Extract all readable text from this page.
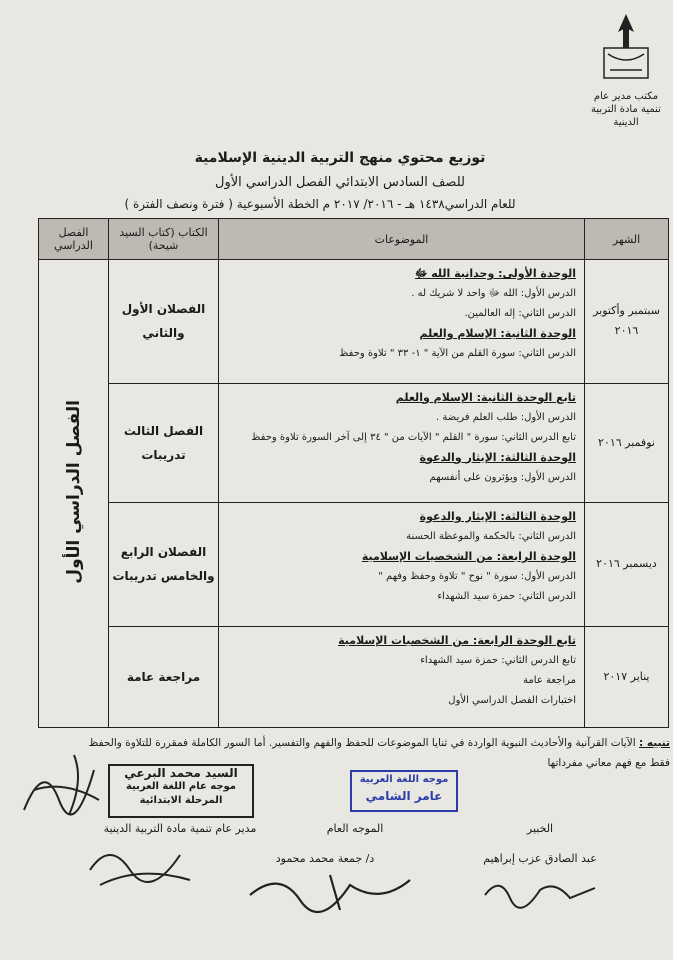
مكتب مدير عام
تنمية مادة التربية الدينية
توزيع محتوي منهج التربية الدينية الإسلامية
للصف السادس الابتدائي الفصل الدراسي الأول
للعام الدراسي١٤٣٨ هـ - ٢٠١٦/ ٢٠١٧ م الخطة الأسبوعية ( فترة ونصف الفترة )
الشهر	الموضوعات	الكتاب (كتاب السيد شيحة)	الفصل الدراسي
سبتمبر وأكتوبر ٢٠١٦	الوحدة الأولى: وحدانية الله ﷻ
الدرس الأول: الله ﷻ واحد لا شريك له .
الدرس الثاني: إله العالمين.
الوحدة الثانية: الإسلام والعلم
الدرس الثاني: سورة القلم من الآية " ١- ٣٣ " تلاوة وحفظ	الفصلان الأول والثاني	الفصل الدراسي الأول
نوفمبر ٢٠١٦	تابع الوحدة الثانية: الإسلام والعلم
الدرس الأول: طلب العلم فريضة .
تابع الدرس الثاني: سورة " القلم " الآيات من " ٣٤ إلى آخر السورة تلاوة وحفظ
الوحدة الثالثة: الإيثار والدعوة
الدرس الأول: ويؤثرون على أنفسهم	الفصل الثالث تدريبات	
ديسمبر ٢٠١٦	الوحدة الثالثة: الإيثار والدعوة
الدرس الثاني: بالحكمة والموعظة الحسنة
الوحدة الرابعة: من الشخصيات الإسلامية
الدرس الأول: سورة " نوح " تلاوة وحفظ وفهم "
الدرس الثاني: حمزة سيد الشهداء	الفصلان الرابع والخامس تدريبات	
يناير ٢٠١٧	تابع الوحدة الرابعة: من الشخصيات الإسلامية
تابع الدرس الثاني: حمزة سيد الشهداء
مراجعة عامة
اختبارات الفصل الدراسي الأول	مراجعة عامة	
تنبيه : الآيات القرآنية والأحاديث النبوية الواردة في ثنايا الموضوعات للحفظ والفهم والتفسير. أما السور الكاملة فمقررة للتلاوة والحفظ
فقط مع فهم معاني مفرداتها
موجه اللغة العربية
عامر الشامي
السيد محمد البرعي
موجه عام اللغة العربية
المرحلة الابتدائية
الخبير
عبد الصادق عزب إبراهيم
الموجه العام
د/ جمعة محمد محمود
مدير عام تنمية مادة التربية الدينية
